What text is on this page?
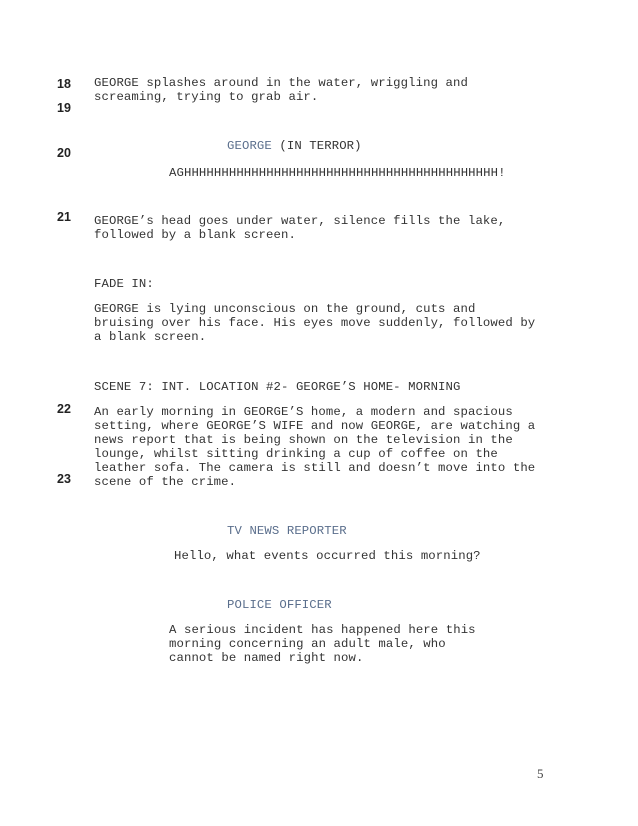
18
19
20
21
22
23
GEORGE splashes around in the water, wriggling and
screaming, trying to grab air.
GEORGE (IN TERROR)
AGHHHHHHHHHHHHHHHHHHHHHHHHHHHHHHHHHHHHHHHHHH!
GEORGE’s head goes under water, silence fills the lake,
followed by a blank screen.
FADE IN:
GEORGE is lying unconscious on the ground, cuts and
bruising over his face. His eyes move suddenly, followed by
a blank screen.
SCENE 7: INT. LOCATION #2- GEORGE’S HOME- MORNING
An early morning in GEORGE’S home, a modern and spacious
setting, where GEORGE’S WIFE and now GEORGE, are watching a
news report that is being shown on the television in the
lounge, whilst sitting drinking a cup of coffee on the
leather sofa. The camera is still and doesn’t move into the
scene of the crime.
TV NEWS REPORTER
Hello, what events occurred this morning?
POLICE OFFICER
A serious incident has happened here this
morning concerning an adult male, who
cannot be named right now.
5
